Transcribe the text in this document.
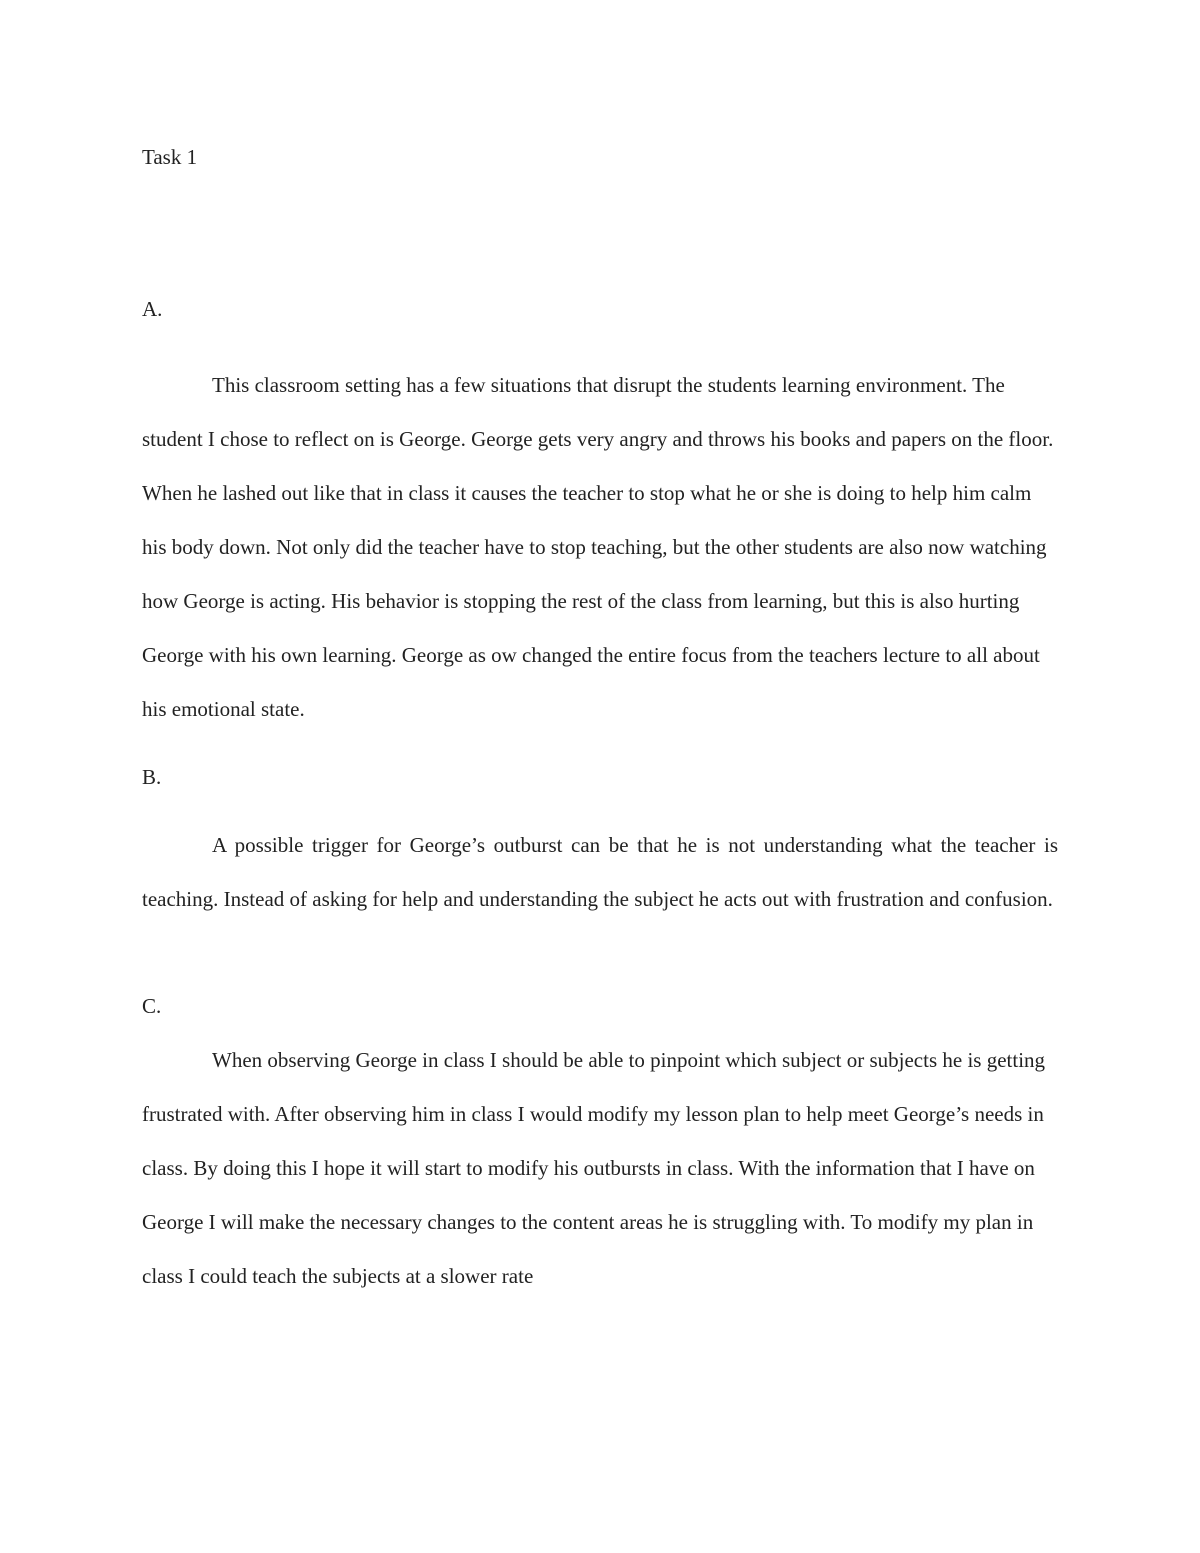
Task 1

A.

This classroom setting has a few situations that disrupt the students learning environment. The student I chose to reflect on is George. George gets very angry and throws his books and papers on the floor. When he lashed out like that in class it causes the teacher to stop what he or she is doing to help him calm his body down. Not only did the teacher have to stop teaching, but the other students are also now watching how George is acting. His behavior is stopping the rest of the class from learning, but this is also hurting George with his own learning. George as ow changed the entire focus from the teachers lecture to all about his emotional state.

B.

A possible trigger for George’s outburst can be that he is not understanding what the teacher is teaching. Instead of asking for help and understanding the subject he acts out with frustration and confusion.

C.

When observing George in class I should be able to pinpoint which subject or subjects he is getting frustrated with. After observing him in class I would modify my lesson plan to help meet George’s needs in class. By doing this I hope it will start to modify his outbursts in class. With the information that I have on George I will make the necessary changes to the content areas he is struggling with. To modify my plan in class I could teach the subjects at a slower rate
